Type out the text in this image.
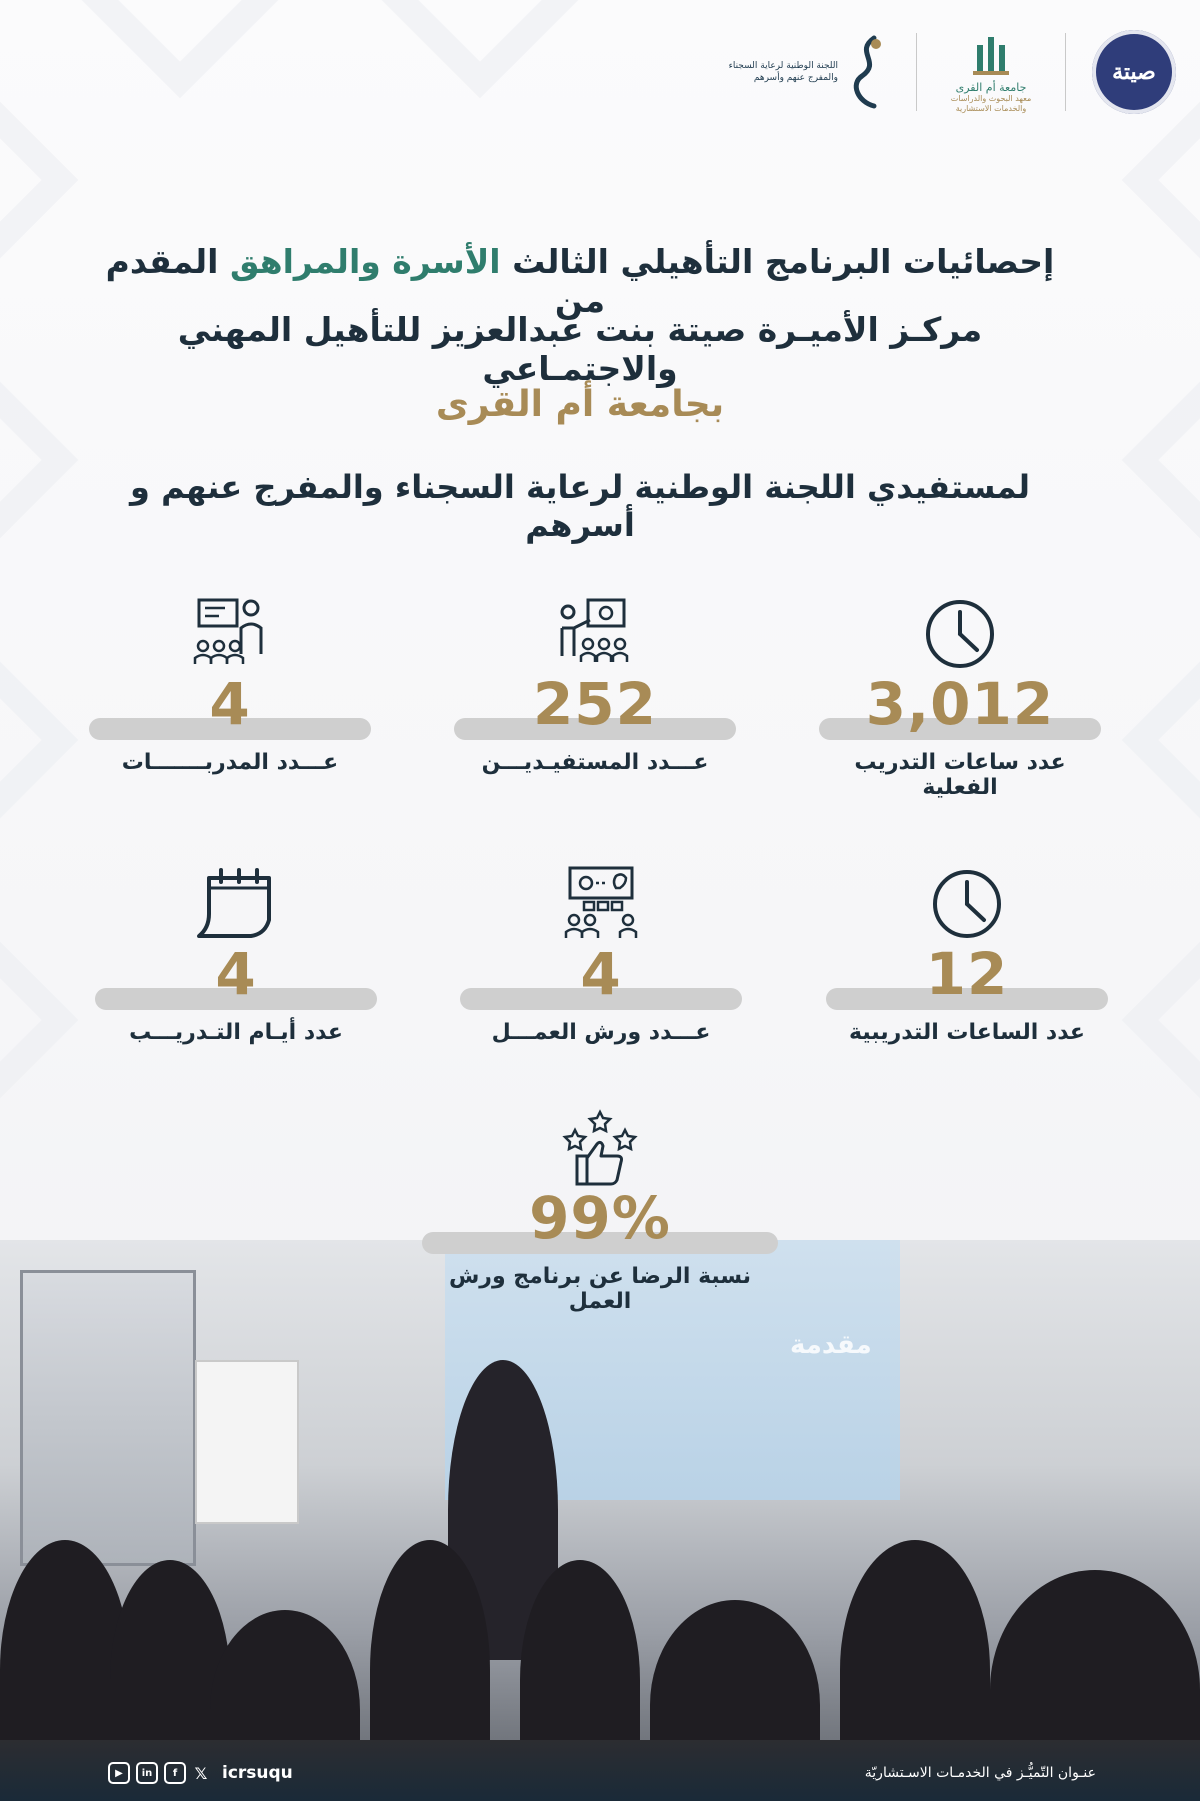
صيتة
جامعة أم القرى
معهد البحوث والدراسات والخدمات الاستشارية
اللجنة الوطنية لرعاية السجناء والمفرج عنهم وأسرهم
إحصائيات البرنامج التأهيلي الثالث الأسرة والمراهق المقدم من
مركـز الأميـرة صيتة بنت عبدالعزيز للتأهيل المهني والاجتمـاعي
بجامعة أم القرى
لمستفيدي اللجنة الوطنية لرعاية السجناء والمفرج عنهم و أسرهم
3,012
عدد ساعات التدريب الفعلية
252
عـــدد المستفيـديـــن
4
عـــدد المدربـــــــات
12
عدد الساعات التدريبية
4
عـــدد ورش العمـــل
4
عدد أيـام التـدريـــب
مقدمة
99%
نسبة الرضا عن برنامج ورش العمل
▶	in	f	𝕏 icrsuqu	عنـوان التّميُّـز في الخدمـات الاسـتشاريّة
